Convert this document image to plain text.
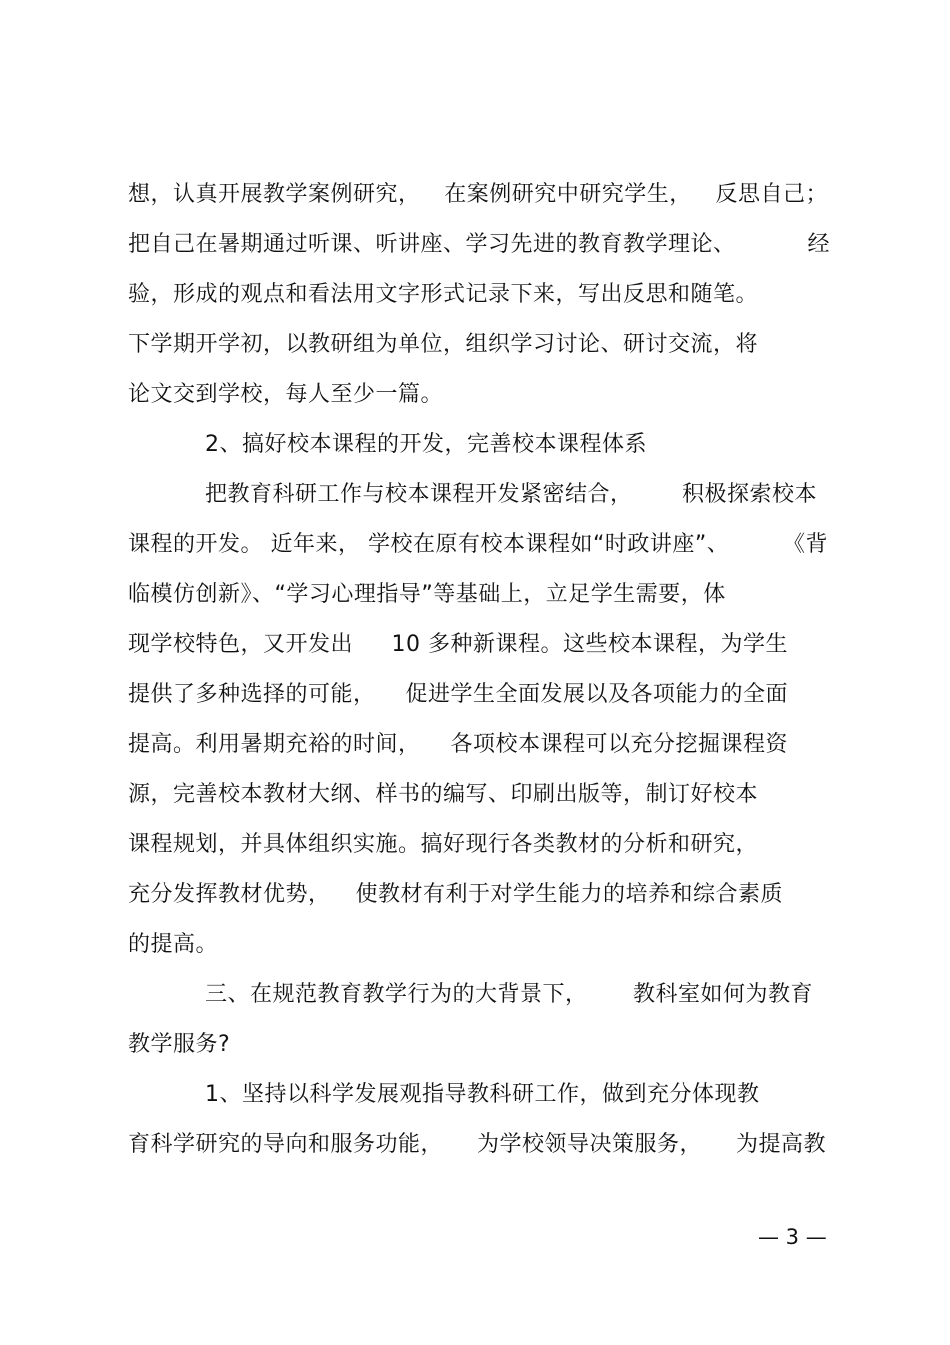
想，认真开展教学案例研究， 在案例研究中研究学生， 反思自己；
把自己在暑期通过听课、听讲座、学习先进的教育教学理论、	经
验，形成的观点和看法用文字形式记录下来，写出反思和随笔。
下学期开学初，以教研组为单位，组织学习讨论、研讨交流，将
论文交到学校，每人至少一篇。
2、搞好校本课程的开发，完善校本课程体系
把教育科研工作与校本课程开发紧密结合， 积极探索校本
课程的开发。 近年来， 学校在原有校本课程如“时政讲座”、 《背
临模仿创新》、“学习心理指导”等基础上，立足学生需要，体
现学校特色，又开发出 10 多种新课程。这些校本课程，为学生
提供了多种选择的可能， 促进学生全面发展以及各项能力的全面
提高。利用暑期充裕的时间， 各项校本课程可以充分挖掘课程资
源，完善校本教材大纲、样书的编写、印刷出版等，制订好校本
课程规划，并具体组织实施。搞好现行各类教材的分析和研究，
充分发挥教材优势， 使教材有利于对学生能力的培养和综合素质
的提高。
三、在规范教育教学行为的大背景下， 教科室如何为教育
教学服务?
1、坚持以科学发展观指导教科研工作，做到充分体现教
育科学研究的导向和服务功能， 为学校领导决策服务， 为提高教
— 3 —
